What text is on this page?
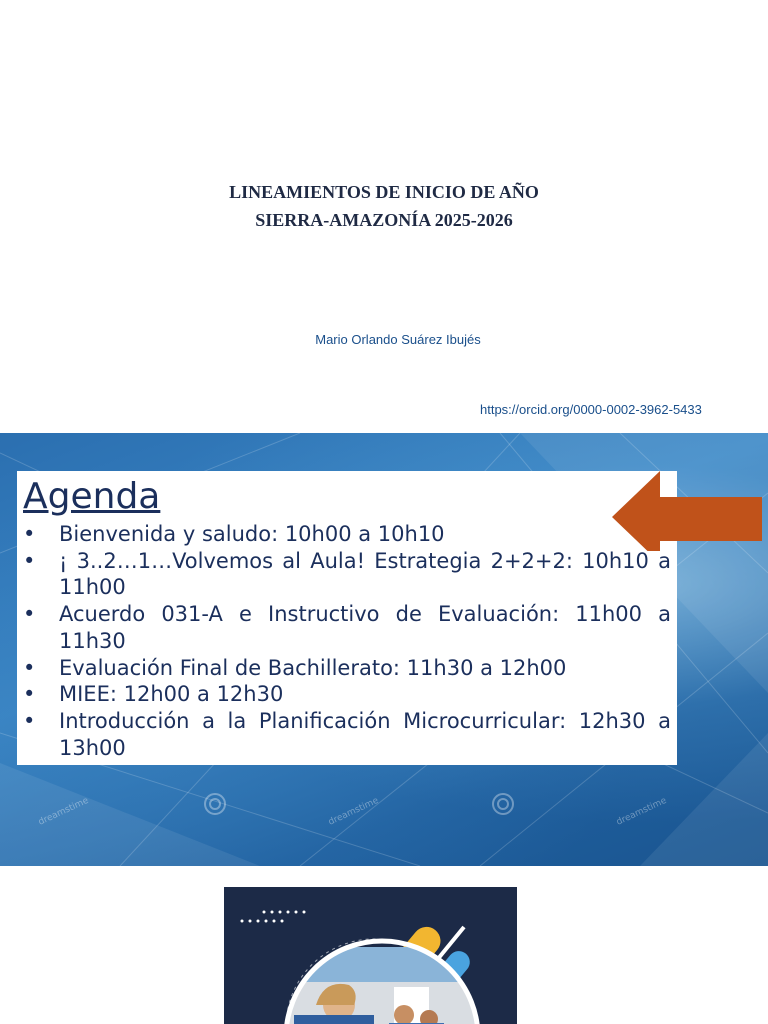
LINEAMIENTOS DE INICIO DE AÑO
SIERRA-AMAZONÍA 2025-2026
Mario Orlando Suárez Ibujés
https://orcid.org/0000-0002-3962-5433
dreamstime	dreamstime	dreamstime
Agenda
•	Bienvenida y saludo: 10h00 a 10h10
•	¡ 3..2…1…Volvemos al Aula! Estrategia 2+2+2: 10h10 a 11h00
•	Acuerdo 031-A e Instructivo de Evaluación: 11h00 a 11h30
•	Evaluación Final de Bachillerato: 11h30 a 12h00
•	MIEE: 12h00 a 12h30
•	Introducción a la Planificación Microcurricular: 12h30 a 13h00
